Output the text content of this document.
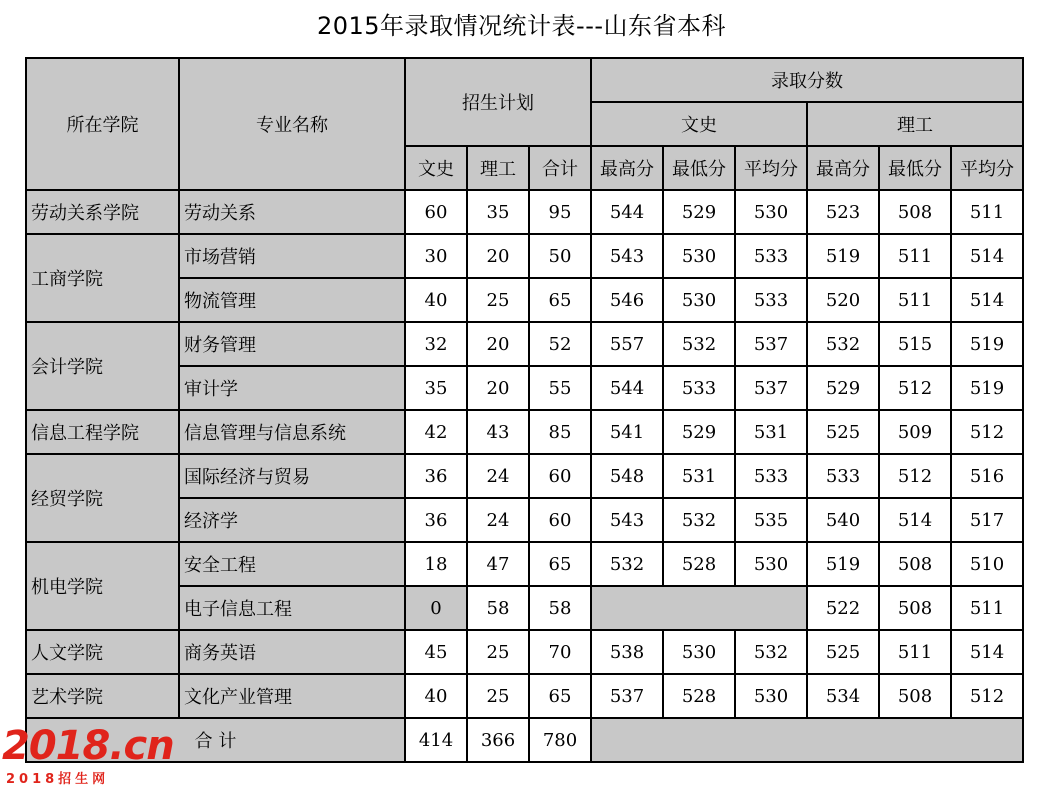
2015年录取情况统计表---山东省本科
所在学院	专业名称	招生计划			录取分数					
					文史			理工		
		文史	理工	合计	最高分	最低分	平均分	最高分	最低分	平均分
劳动关系学院	劳动关系	60	35	95	544	529	530	523	508	511
工商学院	市场营销	30	20	50	543	530	533	519	511	514
	物流管理	40	25	65	546	530	533	520	511	514
会计学院	财务管理	32	20	52	557	532	537	532	515	519
	审计学	35	20	55	544	533	537	529	512	519
信息工程学院	信息管理与信息系统	42	43	85	541	529	531	525	509	512
经贸学院	国际经济与贸易	36	24	60	548	531	533	533	512	516
	经济学	36	24	60	543	532	535	540	514	517
机电学院	安全工程	18	47	65	532	528	530	519	508	510
	电子信息工程	0	58	58				522	508	511
人文学院	商务英语	45	25	70	538	530	532	525	511	514
艺术学院	文化产业管理	40	25	65	537	528	530	534	508	512
合 计		414	366	780						
2018.cn
2018招生网
